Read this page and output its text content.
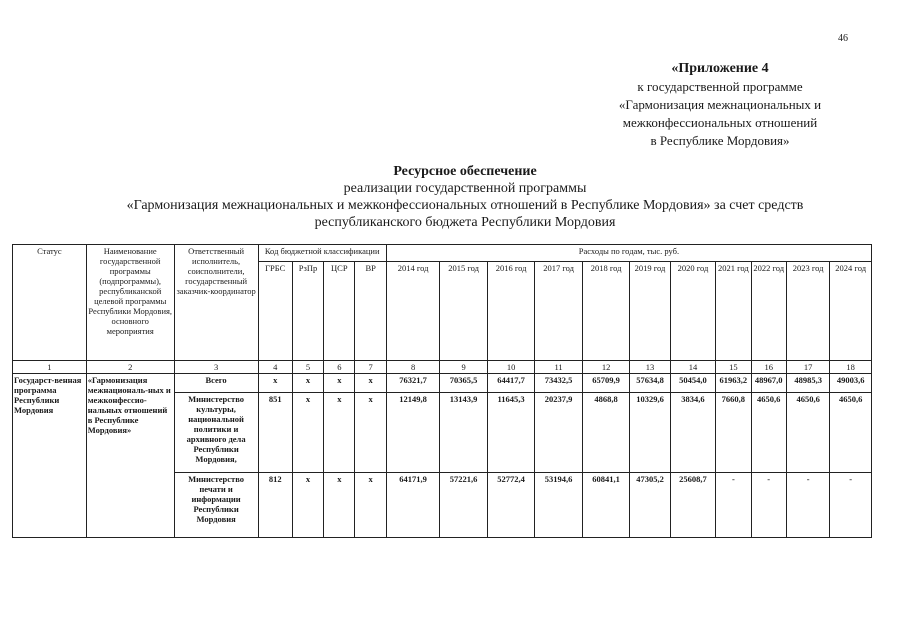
46
«Приложение 4
к государственной программе
«Гармонизация межнациональных и
межконфессиональных отношений
в Республике Мордовия»
Ресурсное обеспечение
реализации государственной программы
«Гармонизация межнациональных и межконфессиональных отношений в Республике Мордовия» за счет средств
республиканского бюджета Республики Мордовия
Статус	Наименование государственной программы (подпрограммы), республиканской целевой программы Республики Мордовия, основного мероприятия	Ответственный исполнитель, соисполнители, государственный заказчик-координатор	Код бюджетной классификации				Расходы по годам, тыс. руб.										
			ГРБС	РзПр	ЦСР	ВР	2014 год	2015 год	2016 год	2017 год	2018 год	2019 год	2020 год	2021 год	2022 год	2023 год	2024 год
1	2	3	4	5	6	7	8	9	10	11	12	13	14	15	16	17	18
Государст-венная программа Республики Мордовия	«Гармонизация межнациональ-ных и межконфессио-нальных отношений в Республике Мордовия»	Всего	x	x	x	x	76321,7	70365,5	64417,7	73432,5	65709,9	57634,8	50454,0	61963,2	48967,0	48985,3	49003,6
		Министерство культуры, национальной политики и архивного дела Республики Мордовия,	851	x	x	x	12149,8	13143,9	11645,3	20237,9	4868,8	10329,6	3834,6	7660,8	4650,6	4650,6	4650,6
		Министерство печати и информации Республики Мордовия	812	x	x	x	64171,9	57221,6	52772,4	53194,6	60841,1	47305,2	25608,7	-	-	-	-
